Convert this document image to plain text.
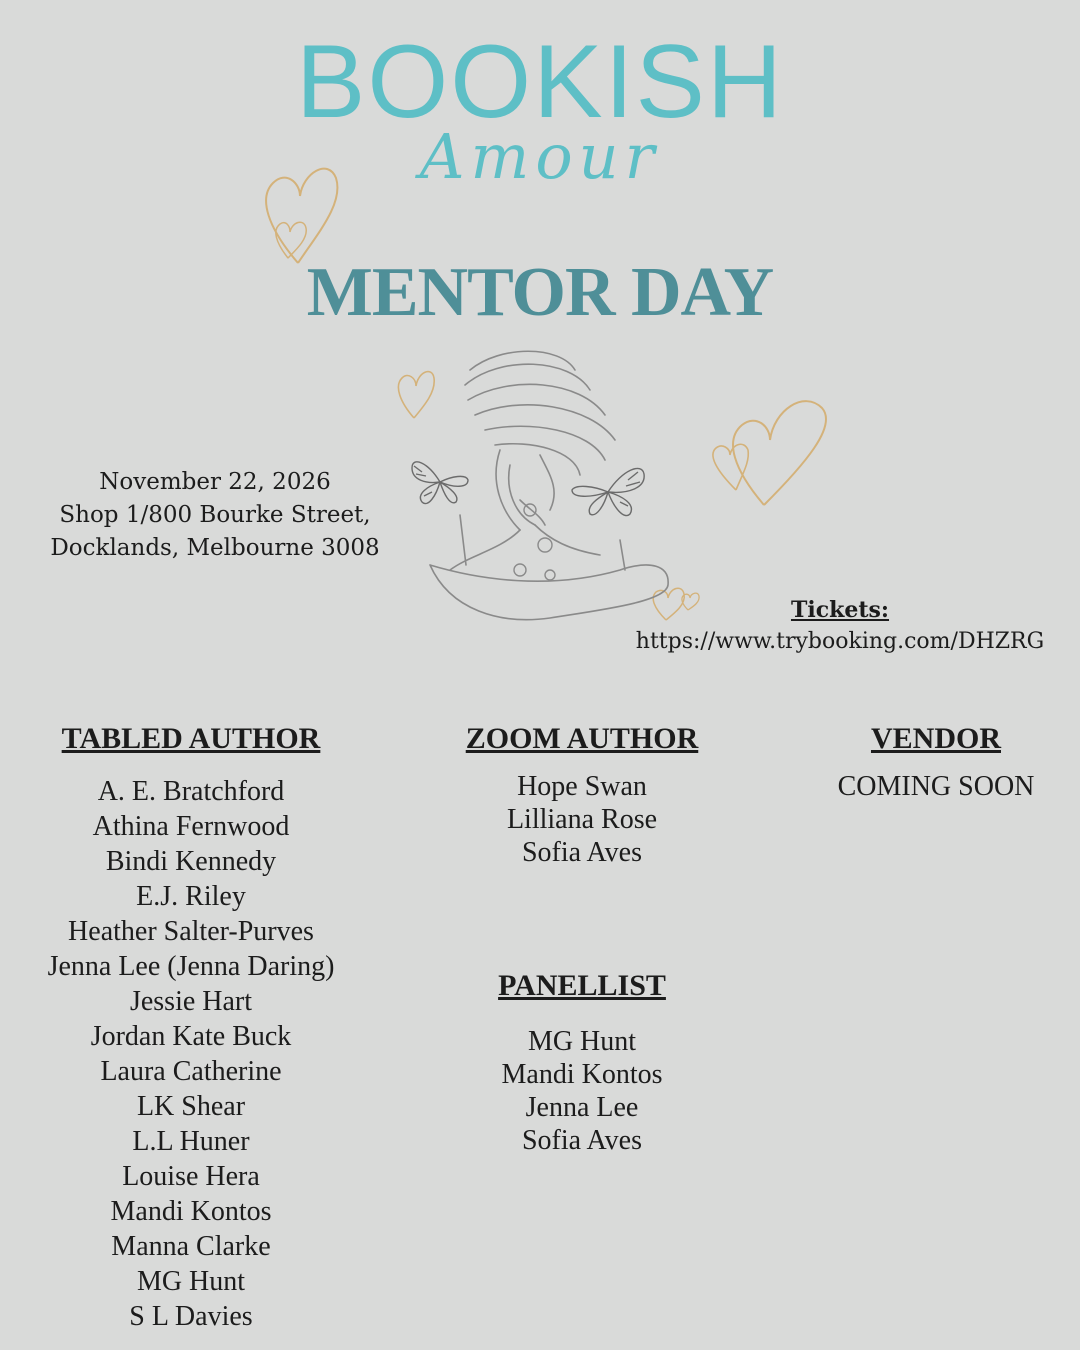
BOOKISH
Amour
MENTOR DAY
November 22, 2026
Shop 1/800 Bourke Street,
Docklands, Melbourne 3008
Tickets:
https://www.trybooking.com/DHZRG
TABLED AUTHOR
A. E. Bratchford
Athina Fernwood
Bindi Kennedy
E.J. Riley
Heather Salter-Purves
Jenna Lee (Jenna Daring)
Jessie Hart
Jordan Kate Buck
Laura Catherine
LK Shear
L.L Huner
Louise Hera
Mandi Kontos
Manna Clarke
MG Hunt
S L Davies
ZOOM AUTHOR
Hope Swan
Lilliana Rose
Sofia Aves
VENDOR
COMING SOON
PANELLIST
MG Hunt
Mandi Kontos
Jenna Lee
Sofia Aves
